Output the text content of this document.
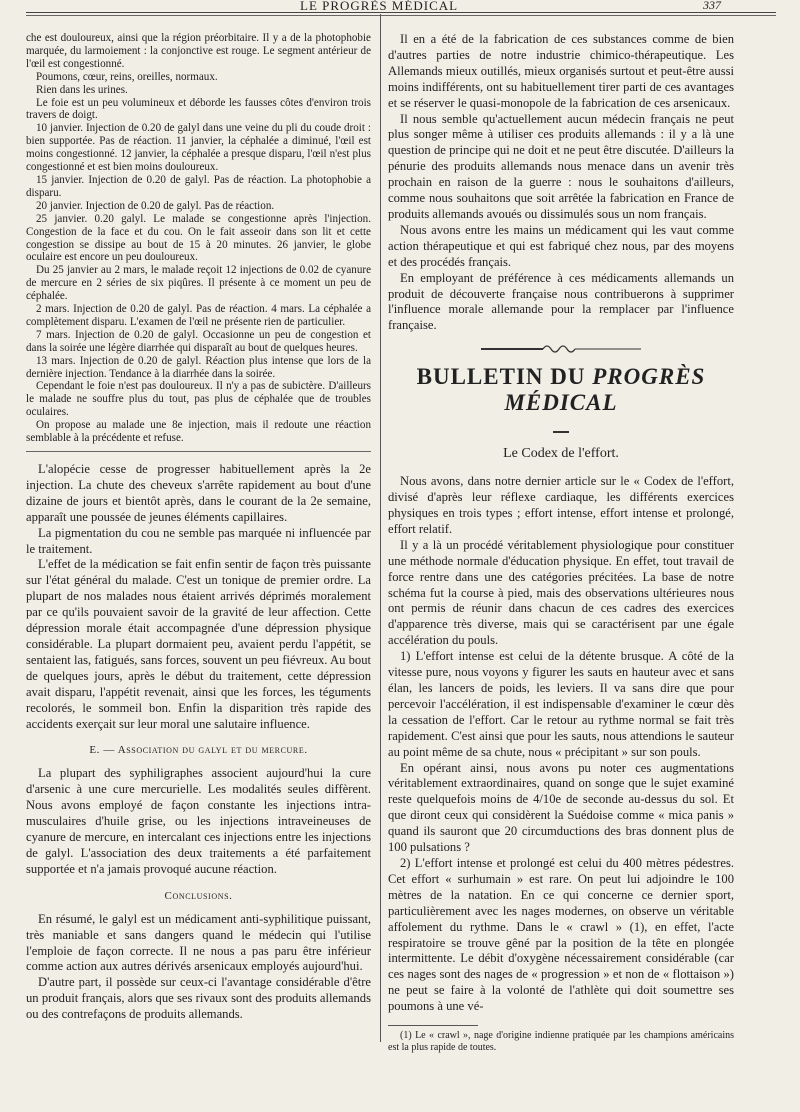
LE PROGRÈS MÉDICAL	337

che est douloureux, ainsi que la région préorbitaire. Il y a de la photophobie marquée, du larmoiement : la conjonctive est rouge. Le segment antérieur de l'œil est congestionné.

Poumons, cœur, reins, oreilles, normaux.

Rien dans les urines.

Le foie est un peu volumineux et déborde les fausses côtes d'environ trois travers de doigt.

10 janvier. Injection de 0.20 de galyl dans une veine du pli du coude droit : bien supportée. Pas de réaction. 11 janvier, la céphalée a diminué, l'œil est moins congestionné. 12 janvier, la céphalée a presque disparu, l'œil n'est plus congestionné et est bien moins douloureux.

15 janvier. Injection de 0.20 de galyl. Pas de réaction. La photophobie a disparu.

20 janvier. Injection de 0.20 de galyl. Pas de réaction.

25 janvier. 0.20 galyl. Le malade se congestionne après l'injection. Congestion de la face et du cou. On le fait asseoir dans son lit et cette congestion se dissipe au bout de 15 à 20 minutes. 26 janvier, le globe oculaire est encore un peu douloureux.

Du 25 janvier au 2 mars, le malade reçoit 12 injections de 0.02 de cyanure de mercure en 2 séries de six piqûres. Il présente à ce moment un peu de céphalée.

2 mars. Injection de 0.20 de galyl. Pas de réaction. 4 mars. La céphalée a complètement disparu. L'examen de l'œil ne présente rien de particulier.

7 mars. Injection de 0.20 de galyl. Occasionne un peu de congestion et dans la soirée une légère diarrhée qui disparaît au bout de quelques heures.

13 mars. Injection de 0.20 de galyl. Réaction plus intense que lors de la dernière injection. Tendance à la diarrhée dans la soirée.

Cependant le foie n'est pas douloureux. Il n'y a pas de subictère. D'ailleurs le malade ne souffre plus du tout, pas plus de céphalée que de troubles oculaires.

On propose au malade une 8e injection, mais il redoute une réaction semblable à la précédente et refuse.

L'alopécie cesse de progresser habituellement après la 2e injection. La chute des cheveux s'arrête rapidement au bout d'une dizaine de jours et bientôt après, dans le courant de la 2e semaine, apparaît une poussée de jeunes éléments capillaires.

La pigmentation du cou ne semble pas marquée ni influencée par le traitement.

L'effet de la médication se fait enfin sentir de façon très puissante sur l'état général du malade. C'est un tonique de premier ordre. La plupart de nos malades nous étaient arrivés déprimés moralement par ce qu'ils pouvaient savoir de la gravité de leur affection. Cette dépression morale était accompagnée d'une dépression physique considérable. La plupart dormaient peu, avaient perdu l'appétit, se sentaient las, fatigués, sans forces, souvent un peu fiévreux. Au bout de quelques jours, après le début du traitement, cette dépression avait disparu, l'appétit revenait, ainsi que les forces, les téguments recolorés, le sommeil bon. Enfin la disparition très rapide des accidents exerçait sur leur moral une salutaire influence.

E. — Association du galyl et du mercure.

La plupart des syphiligraphes associent aujourd'hui la cure d'arsenic à une cure mercurielle. Les modalités seules diffèrent. Nous avons employé de façon constante les injections intra-musculaires d'huile grise, ou les injections intraveineuses de cyanure de mercure, en intercalant ces injections entre les injections de galyl. L'association des deux traitements a été parfaitement supportée et n'a jamais provoqué aucune réaction.

Conclusions.

En résumé, le galyl est un médicament anti-syphilitique puissant, très maniable et sans dangers quand le médecin qui l'utilise l'emploie de façon correcte. Il ne nous a pas paru être inférieur comme action aux autres dérivés arsenicaux employés aujourd'hui.

D'autre part, il possède sur ceux-ci l'avantage considérable d'être un produit français, alors que ses rivaux sont des produits allemands ou des contrefaçons de produits allemands.

Il en a été de la fabrication de ces substances comme de bien d'autres parties de notre industrie chimico-thérapeutique. Les Allemands mieux outillés, mieux organisés surtout et peut-être aussi moins indifférents, ont su habituellement tirer parti de ces avantages et se réserver le quasi-monopole de la fabrication de ces arsenicaux.

Il nous semble qu'actuellement aucun médecin français ne peut plus songer même à utiliser ces produits allemands : il y a là une question de principe qui ne doit et ne peut être discutée. D'ailleurs la pénurie des produits allemands nous menace dans un avenir très prochain en raison de la guerre : nous le souhaitons d'ailleurs, comme nous souhaitons que soit arrêtée la fabrication en France de produits allemands avoués ou dissimulés sous un nom français.

Nous avons entre les mains un médicament qui les vaut comme action thérapeutique et qui est fabriqué chez nous, par des moyens et des procédés français.

En employant de préférence à ces médicaments allemands un produit de découverte française nous contribuerons à supprimer l'influence morale allemande pour la remplacer par l'influence française.

BULLETIN DU PROGRÈS MÉDICAL
Le Codex de l'effort.

Nous avons, dans notre dernier article sur le « Codex de l'effort, divisé d'après leur réflexe cardiaque, les différents exercices physiques en trois types ; effort intense, effort intense et prolongé, effort relatif.

Il y a là un procédé véritablement physiologique pour constituer une méthode normale d'éducation physique. En effet, tout travail de force rentre dans une des catégories précitées. La base de notre schéma fut la course à pied, mais des observations ultérieures nous ont permis de réunir dans chacun de ces cadres des exercices d'apparence très diverse, mais qui se caractérisent par une égale accélération du pouls.

1) L'effort intense est celui de la détente brusque. A côté de la vitesse pure, nous voyons y figurer les sauts en hauteur avec et sans élan, les lancers de poids, les leviers. Il va sans dire que pour percevoir l'accélération, il est indispensable d'examiner le cœur dès la cessation de l'effort. Car le retour au rythme normal se fait très rapidement. C'est ainsi que pour les sauts, nous attendions le sauteur au point même de sa chute, nous « précipitant » sur son pouls.

En opérant ainsi, nous avons pu noter ces augmentations véritablement extraordinaires, quand on songe que le sujet examiné reste quelquefois moins de 4/10e de seconde au-dessus du sol. Et que diront ceux qui considèrent la Suédoise comme « mica panis » quand ils sauront que 20 circumductions des bras donnent plus de 100 pulsations ?

2) L'effort intense et prolongé est celui du 400 mètres pédestres. Cet effort « surhumain » est rare. On peut lui adjoindre le 100 mètres de la natation. En ce qui concerne ce dernier sport, particulièrement avec les nages modernes, on observe un véritable affolement du rythme. Dans le « crawl » (1), en effet, l'acte respiratoire se trouve gêné par la position de la tête en plongée intermittente. Le débit d'oxygène nécessairement considérable (car ces nages sont des nages de « progression » et non de « flottaison ») ne peut se faire à la volonté de l'athlète qui doit soumettre ses poumons à une vé-

(1) Le « crawl », nage d'origine indienne pratiquée par les champions américains est la plus rapide de toutes.
